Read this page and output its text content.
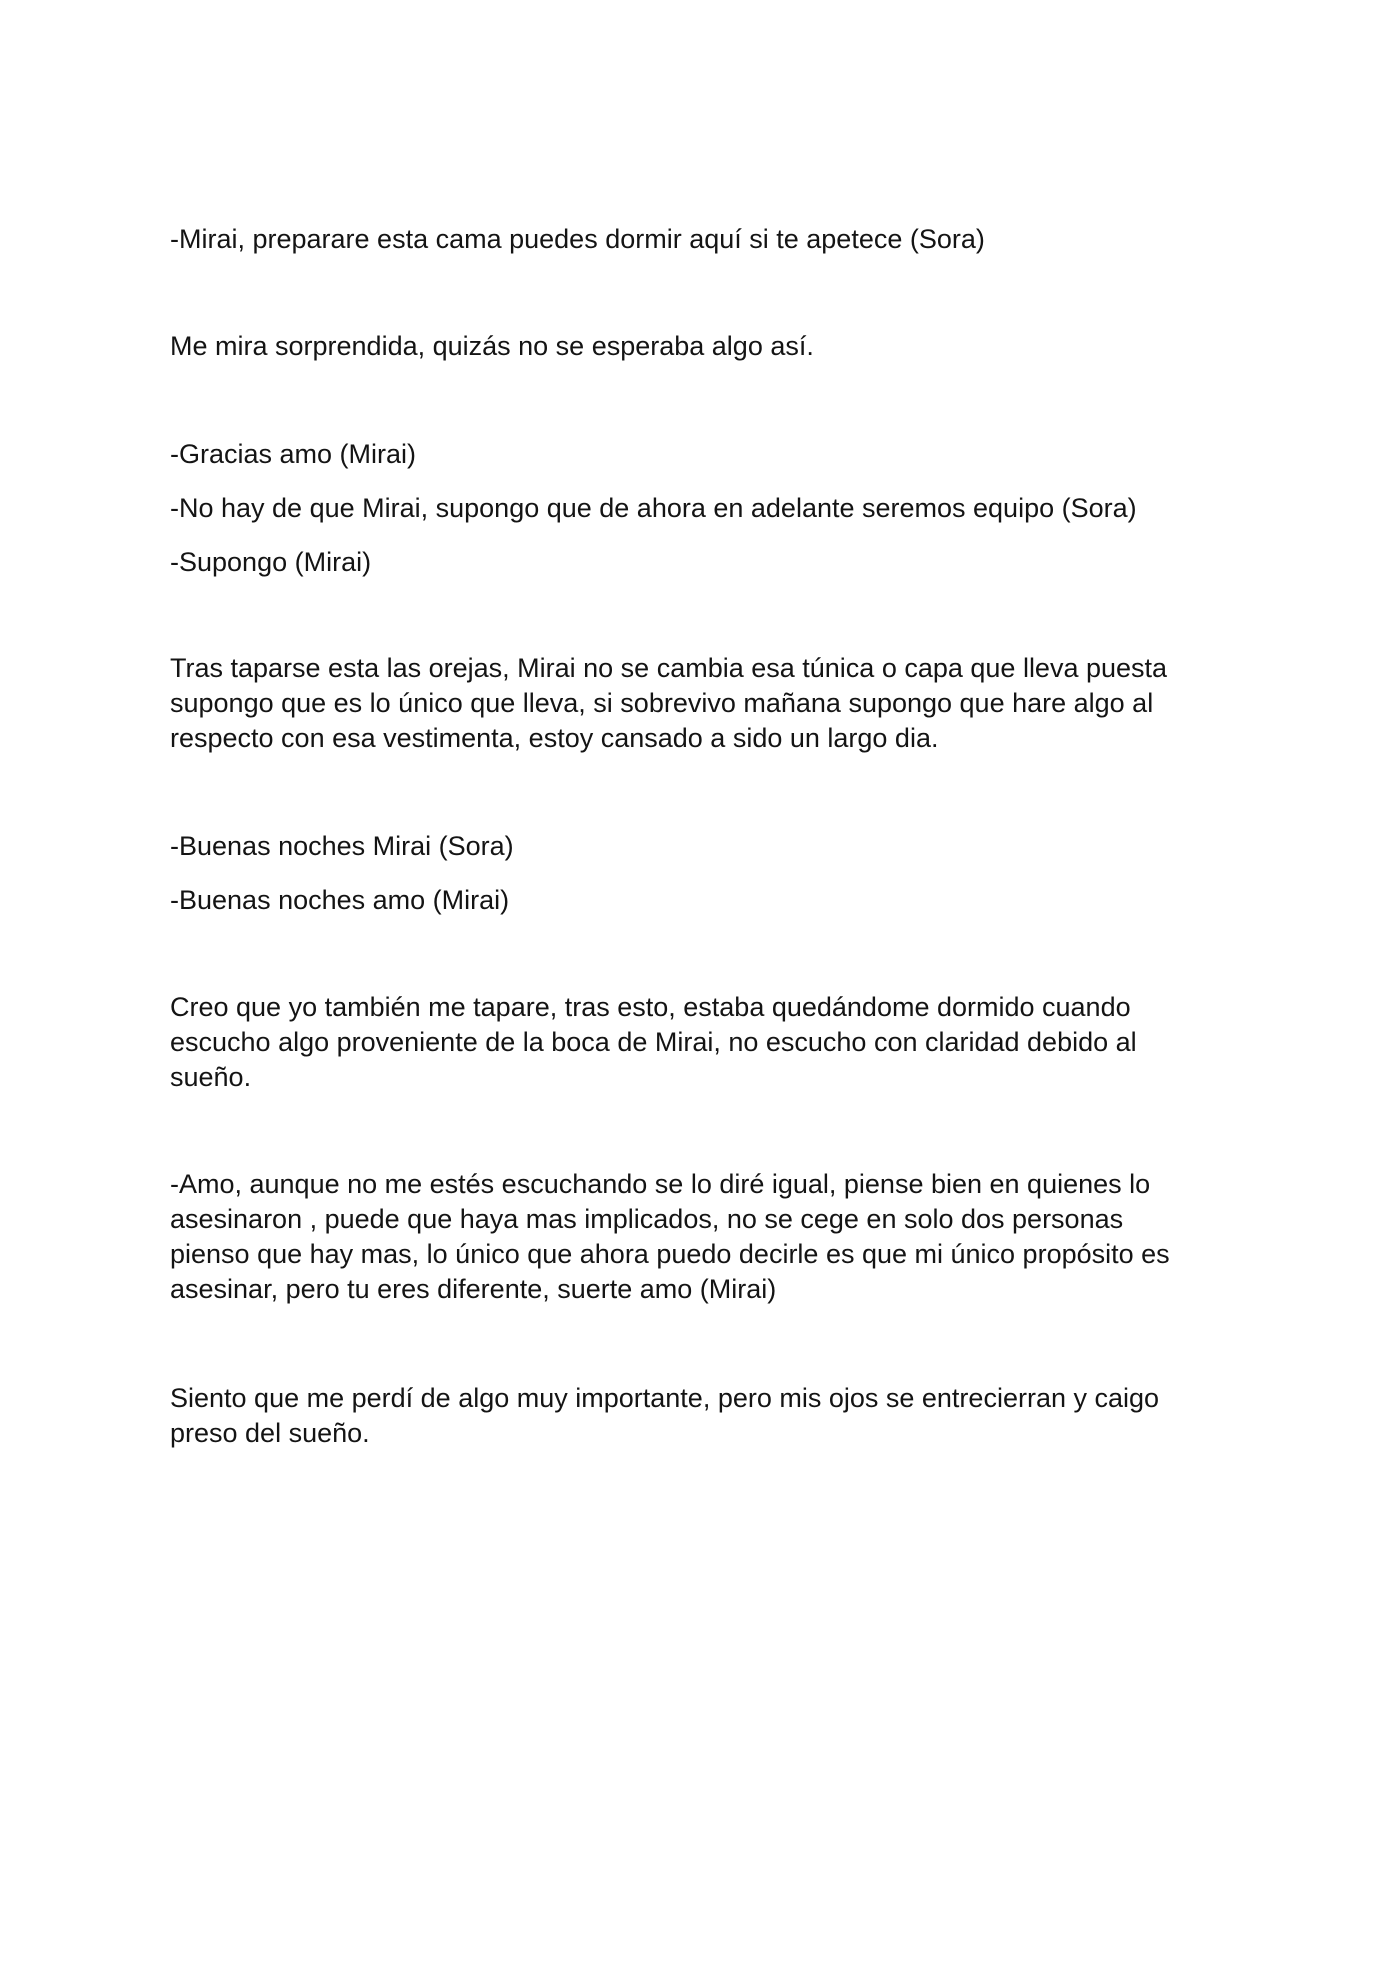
-Mirai, preparare esta cama puedes dormir aquí si te apetece (Sora)

Me mira sorprendida, quizás no se esperaba algo así.

-Gracias amo (Mirai)

-No hay de que Mirai, supongo que de ahora en adelante seremos equipo (Sora)

-Supongo (Mirai)

Tras taparse esta las orejas, Mirai no se cambia esa túnica o capa que lleva puesta
supongo que es lo único que lleva, si sobrevivo mañana supongo que hare algo al
respecto con esa vestimenta, estoy cansado a sido un largo dia.

-Buenas noches Mirai (Sora)

-Buenas noches amo (Mirai)

Creo que yo también me tapare, tras esto, estaba quedándome dormido cuando
escucho algo proveniente de la boca de Mirai, no escucho con claridad debido al
sueño.

-Amo, aunque no me estés escuchando se lo diré igual, piense bien en quienes lo
asesinaron , puede que haya mas implicados, no se cege en solo dos personas
pienso que hay mas, lo único que ahora puedo decirle es que mi único propósito es
asesinar, pero tu eres diferente, suerte amo (Mirai)

Siento que me perdí de algo muy importante, pero mis ojos se entrecierran y caigo
preso del sueño.
